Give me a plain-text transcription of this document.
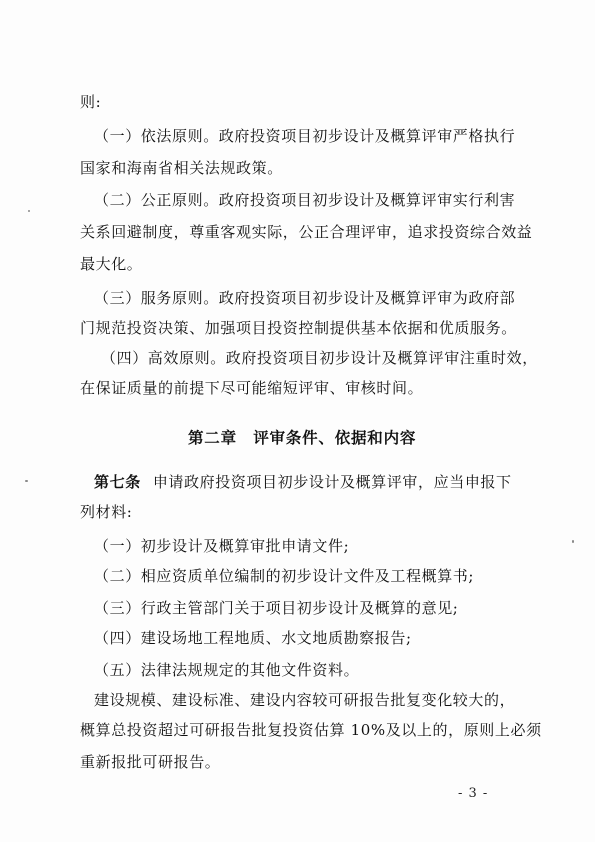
则:
（一）依法原则。政府投资项目初步设计及概算评审严格执行
国家和海南省相关法规政策。
（二）公正原则。政府投资项目初步设计及概算评审实行利害
关系回避制度，尊重客观实际，公正合理评审，追求投资综合效益
最大化。
（三）服务原则。政府投资项目初步设计及概算评审为政府部
门规范投资决策、加强项目投资控制提供基本依据和优质服务。
（四）高效原则。政府投资项目初步设计及概算评审注重时效，
在保证质量的前提下尽可能缩短评审、审核时间。
第二章　评审条件、依据和内容
第七条 申请政府投资项目初步设计及概算评审，应当申报下
列材料:
（一）初步设计及概算审批申请文件;
（二）相应资质单位编制的初步设计文件及工程概算书;
（三）行政主管部门关于项目初步设计及概算的意见;
（四）建设场地工程地质、水文地质勘察报告;
（五）法律法规规定的其他文件资料。
建设规模、建设标准、建设内容较可研报告批复变化较大的，
概算总投资超过可研报告批复投资估算 10%及以上的，原则上必须
重新报批可研报告。
- 3 -
